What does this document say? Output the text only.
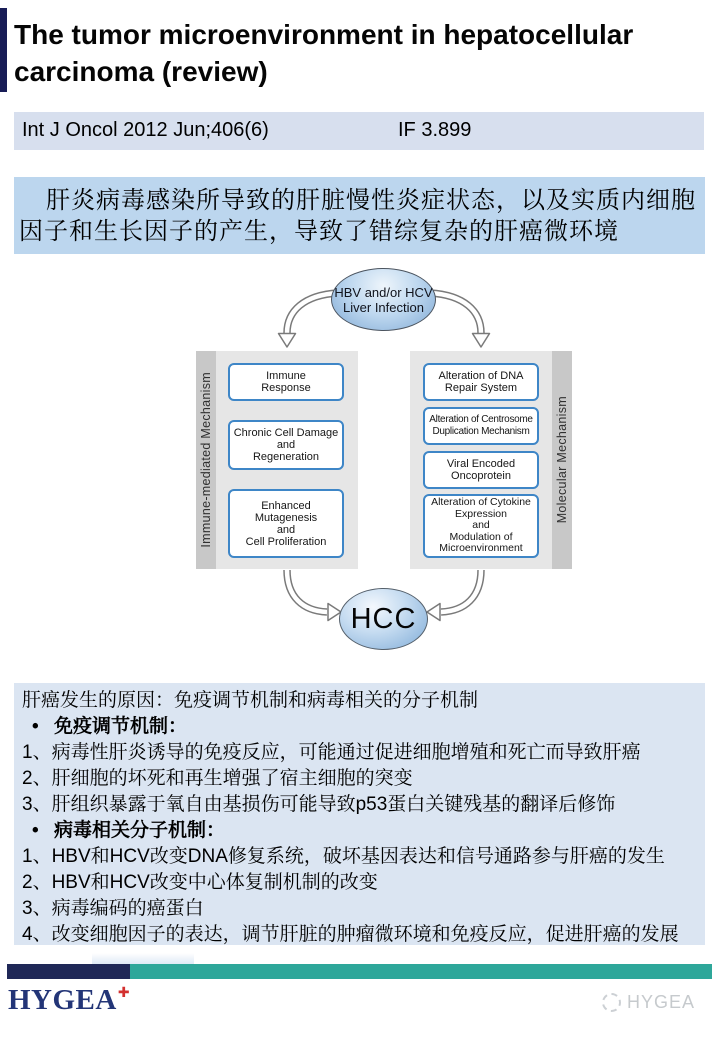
The tumor microenvironment in hepatocellular carcinoma (review)
Int J Oncol 2012 Jun;406(6)	IF 3.899
肝炎病毒感染所导致的肝脏慢性炎症状态，以及实质内细胞
因子和生长因子的产生，导致了错综复杂的肝癌微环境
HBV and/or HCV
Liver Infection
Immune-mediated Mechanism	Molecular Mechanism
Immune
Response
Chronic Cell Damage
and
Regeneration
Enhanced
Mutagenesis
and
Cell Proliferation
Alteration of DNA
Repair System
Alteration of Centrosome
Duplication Mechanism
Viral Encoded
Oncoprotein
Alteration of Cytokine
Expression
and
Modulation of
Microenvironment
HCC
肝癌发生的原因：免疫调节机制和病毒相关的分子机制
• 免疫调节机制：
1、病毒性肝炎诱导的免疫反应，可能通过促进细胞增殖和死亡而导致肝癌
2、肝细胞的坏死和再生增强了宿主细胞的突变
3、肝组织暴露于氧自由基损伤可能导致p53蛋白关键残基的翻译后修饰
• 病毒相关分子机制：
1、HBV和HCV改变DNA修复系统，破坏基因表达和信号通路参与肝癌的发生
2、HBV和HCV改变中心体复制机制的改变
3、病毒编码的癌蛋白
4、改变细胞因子的表达，调节肝脏的肿瘤微环境和免疫反应，促进肝癌的发展
HYGEA✚	HYGEA
